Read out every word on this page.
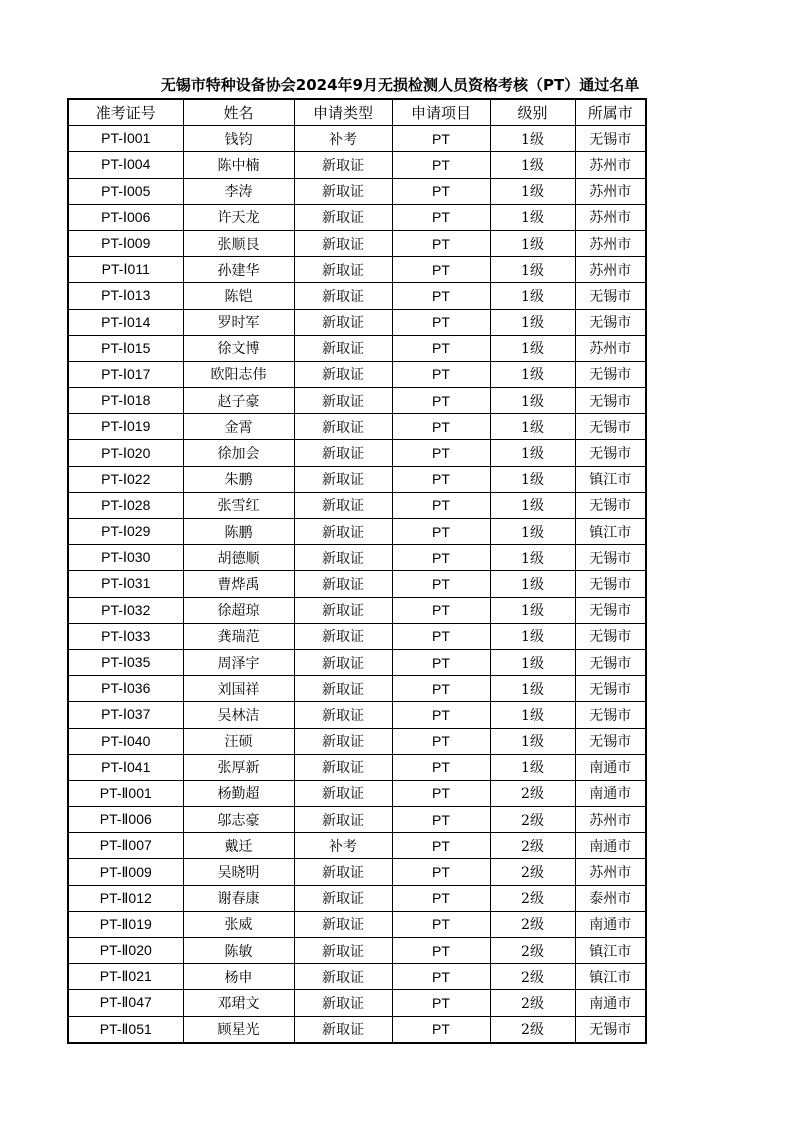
无锡市特种设备协会2024年9月无损检测人员资格考核（PT）通过名单
准考证号	姓名	申请类型	申请项目	级别	所属市
PT-Ⅰ001	钱钧	补考	PT	1级	无锡市
PT-Ⅰ004	陈中楠	新取证	PT	1级	苏州市
PT-Ⅰ005	李涛	新取证	PT	1级	苏州市
PT-Ⅰ006	许天龙	新取证	PT	1级	苏州市
PT-Ⅰ009	张顺艮	新取证	PT	1级	苏州市
PT-Ⅰ011	孙建华	新取证	PT	1级	苏州市
PT-Ⅰ013	陈铠	新取证	PT	1级	无锡市
PT-Ⅰ014	罗时军	新取证	PT	1级	无锡市
PT-Ⅰ015	徐文博	新取证	PT	1级	苏州市
PT-Ⅰ017	欧阳志伟	新取证	PT	1级	无锡市
PT-Ⅰ018	赵子豪	新取证	PT	1级	无锡市
PT-Ⅰ019	金霄	新取证	PT	1级	无锡市
PT-Ⅰ020	徐加会	新取证	PT	1级	无锡市
PT-Ⅰ022	朱鹏	新取证	PT	1级	镇江市
PT-Ⅰ028	张雪红	新取证	PT	1级	无锡市
PT-Ⅰ029	陈鹏	新取证	PT	1级	镇江市
PT-Ⅰ030	胡德顺	新取证	PT	1级	无锡市
PT-Ⅰ031	曹烨禹	新取证	PT	1级	无锡市
PT-Ⅰ032	徐超琼	新取证	PT	1级	无锡市
PT-Ⅰ033	龚瑞范	新取证	PT	1级	无锡市
PT-Ⅰ035	周泽宇	新取证	PT	1级	无锡市
PT-Ⅰ036	刘国祥	新取证	PT	1级	无锡市
PT-Ⅰ037	吴林洁	新取证	PT	1级	无锡市
PT-Ⅰ040	汪硕	新取证	PT	1级	无锡市
PT-Ⅰ041	张厚新	新取证	PT	1级	南通市
PT-Ⅱ001	杨勤超	新取证	PT	2级	南通市
PT-Ⅱ006	邬志豪	新取证	PT	2级	苏州市
PT-Ⅱ007	戴迁	补考	PT	2级	南通市
PT-Ⅱ009	吴晓明	新取证	PT	2级	苏州市
PT-Ⅱ012	谢春康	新取证	PT	2级	泰州市
PT-Ⅱ019	张威	新取证	PT	2级	南通市
PT-Ⅱ020	陈敏	新取证	PT	2级	镇江市
PT-Ⅱ021	杨申	新取证	PT	2级	镇江市
PT-Ⅱ047	邓珺文	新取证	PT	2级	南通市
PT-Ⅱ051	顾星光	新取证	PT	2级	无锡市
